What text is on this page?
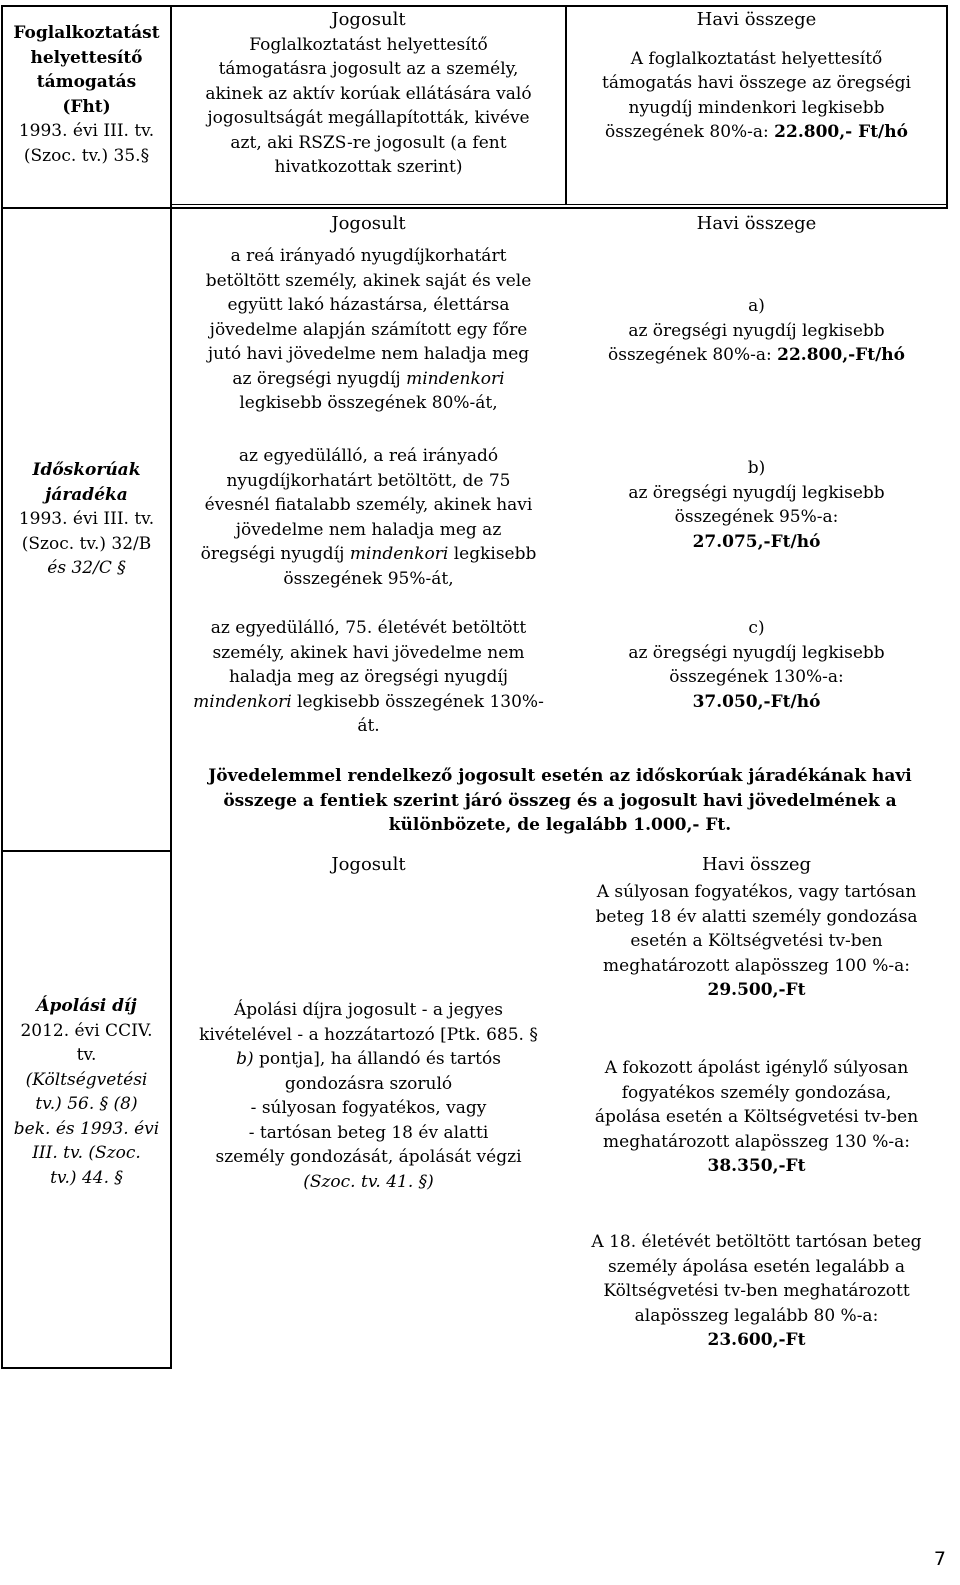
Foglalkoztatást
helyettesítő
támogatás
(Fht)
1993. évi III. tv.
(Szoc. tv.) 35.§
Jogosult
Foglalkoztatást helyettesítő
támogatásra jogosult az a személy,
akinek az aktív korúak ellátására való
jogosultságát megállapították, kivéve
azt, aki RSZS-re jogosult (a fent
hivatkozottak szerint)
Havi összege
A foglalkoztatást helyettesítő
támogatás havi összege az öregségi
nyugdíj mindenkori legkisebb
összegének 80%-a: 22.800,- Ft/hó
Időskorúak
járadéka
1993. évi III. tv.
(Szoc. tv.) 32/B
és 32/C §
Jogosult	Havi összege
a reá irányadó nyugdíjkorhatárt
betöltött személy, akinek saját és vele
együtt lakó házastársa, élettársa
jövedelme alapján számított egy főre
jutó havi jövedelme nem haladja meg
az öregségi nyugdíj mindenkori
legkisebb összegének 80%-át,
a)
az öregségi nyugdíj legkisebb
összegének 80%-a: 22.800,-Ft/hó
az egyedülálló, a reá irányadó
nyugdíjkorhatárt betöltött, de 75
évesnél fiatalabb személy, akinek havi
jövedelme nem haladja meg az
öregségi nyugdíj mindenkori legkisebb
összegének 95%-át,
b)
az öregségi nyugdíj legkisebb
összegének 95%-a:
27.075,-Ft/hó
az egyedülálló, 75. életévét betöltött
személy, akinek havi jövedelme nem
haladja meg az öregségi nyugdíj
mindenkori legkisebb összegének 130%-
át.
c)
az öregségi nyugdíj legkisebb
összegének 130%-a:
37.050,-Ft/hó
Jövedelemmel rendelkező jogosult esetén az időskorúak járadékának havi
összege a fentiek szerint járó összeg és a jogosult havi jövedelmének a
különbözete, de legalább 1.000,- Ft.
Ápolási díj
2012. évi CCIV.
tv.
(Költségvetési
tv.) 56. § (8)
bek. és 1993. évi
III. tv. (Szoc.
tv.) 44. §
Jogosult	Havi összeg
Ápolási díjra jogosult - a jegyes
kivételével - a hozzátartozó [Ptk. 685. §
b) pontja], ha állandó és tartós
gondozásra szoruló
- súlyosan fogyatékos, vagy
- tartósan beteg 18 év alatti
személy gondozását, ápolását végzi
(Szoc. tv. 41. §)
A súlyosan fogyatékos, vagy tartósan
beteg 18 év alatti személy gondozása
esetén a Költségvetési tv-ben
meghatározott alapösszeg 100 %-a:
29.500,-Ft
A fokozott ápolást igénylő súlyosan
fogyatékos személy gondozása,
ápolása esetén a Költségvetési tv-ben
meghatározott alapösszeg 130 %-a:
38.350,-Ft
A 18. életévét betöltött tartósan beteg
személy ápolása esetén legalább a
Költségvetési tv-ben meghatározott
alapösszeg legalább 80 %-a:
23.600,-Ft
7
